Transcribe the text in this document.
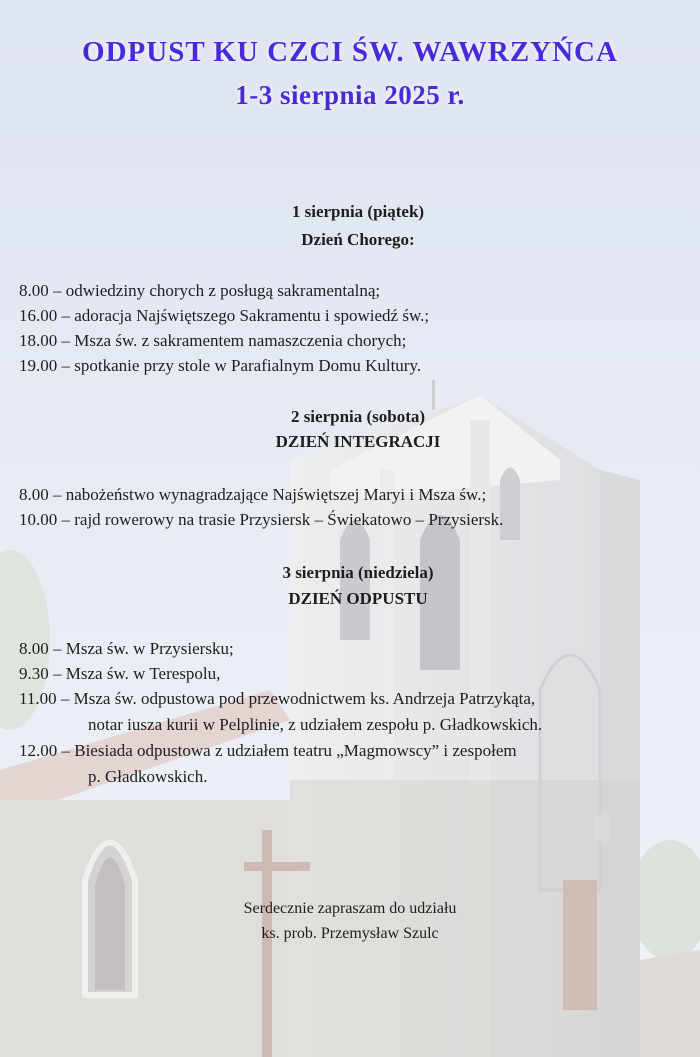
ODPUST KU CZCI ŚW. WAWRZYŃCA
1-3 sierpnia 2025 r.
1 sierpnia (piątek)
Dzień Chorego:
8.00 – odwiedziny chorych z posługą sakramentalną;
16.00 – adoracja Najświętszego Sakramentu i spowiedź św.;
18.00 – Msza św. z sakramentem namaszczenia chorych;
19.00 – spotkanie przy stole w Parafialnym Domu Kultury.
2 sierpnia (sobota)
DZIEŃ INTEGRACJI
8.00 – nabożeństwo wynagradzające Najświętszej Maryi i Msza św.;
10.00 – rajd rowerowy na trasie Przysiersk – Świekatowo – Przysiersk.
3 sierpnia (niedziela)
DZIEŃ ODPUSTU
8.00 – Msza św. w Przysiersku;
9.30 – Msza św. w Terespolu,
11.00 – Msza św. odpustowa pod przewodnictwem ks. Andrzeja Patrzykąta,
notar iusza kurii w Pelplinie, z udziałem zespołu p. Gładkowskich.
12.00 – Biesiada odpustowa z udziałem teatru „Magmowscy” i zespołem
p. Gładkowskich.
Serdecznie zapraszam do udziału
ks. prob. Przemysław Szulc
